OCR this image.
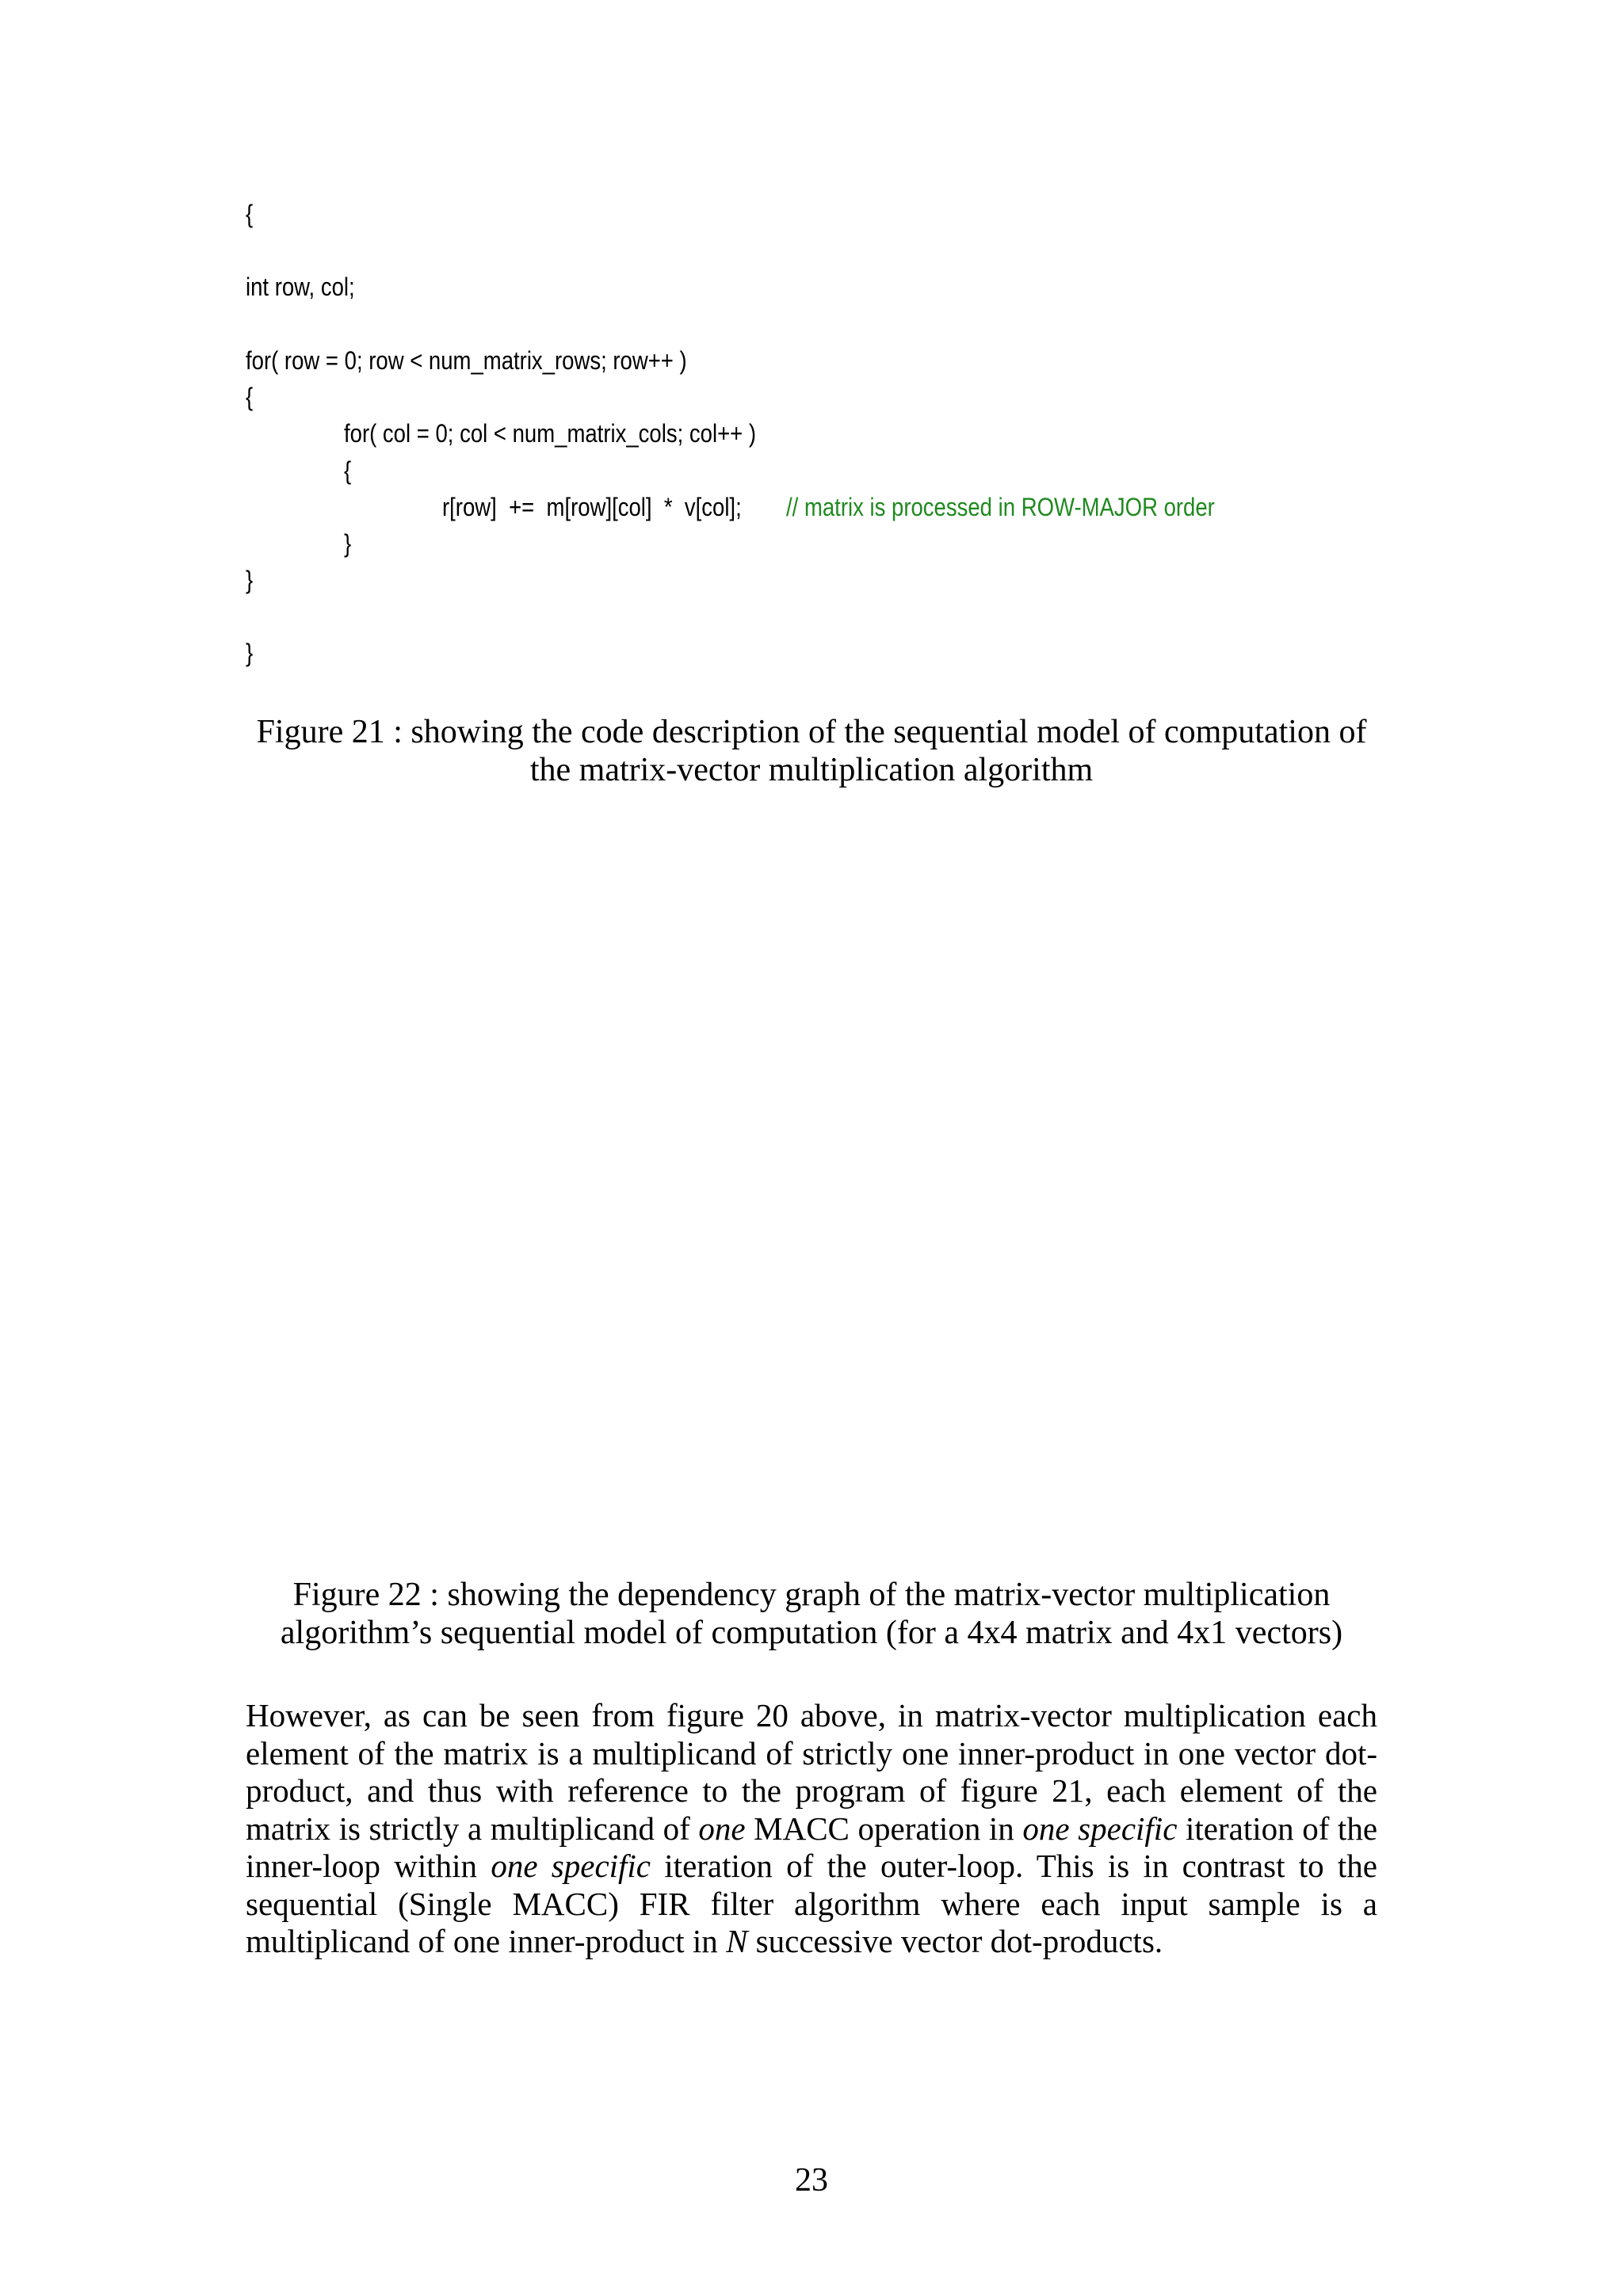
{
int row, col;
for( row = 0; row < num_matrix_rows; row++ )
{
for( col = 0; col < num_matrix_cols; col++ )
{
r[row]  +=  m[row][col]  *  v[col]; // matrix is processed in ROW-MAJOR order
}
}
}
Figure 21 : showing the code description of the sequential model of computation of
the matrix-vector multiplication algorithm
Figure 22 : showing the dependency graph of the matrix-vector multiplication
algorithm’s sequential model of computation (for a 4x4 matrix and 4x1 vectors)
However, as can be seen from figure 20 above, in matrix-vector multiplication each element of the matrix is a multiplicand of strictly one inner-product in one vector dot-product, and thus with reference to the program of figure 21, each element of the matrix is strictly a multiplicand of one MACC operation in one specific iteration of the inner-loop within one specific iteration of the outer-loop. This is in contrast to the sequential (Single MACC) FIR filter algorithm where each input sample is a multiplicand of one inner-product in N successive vector dot-products.
23
